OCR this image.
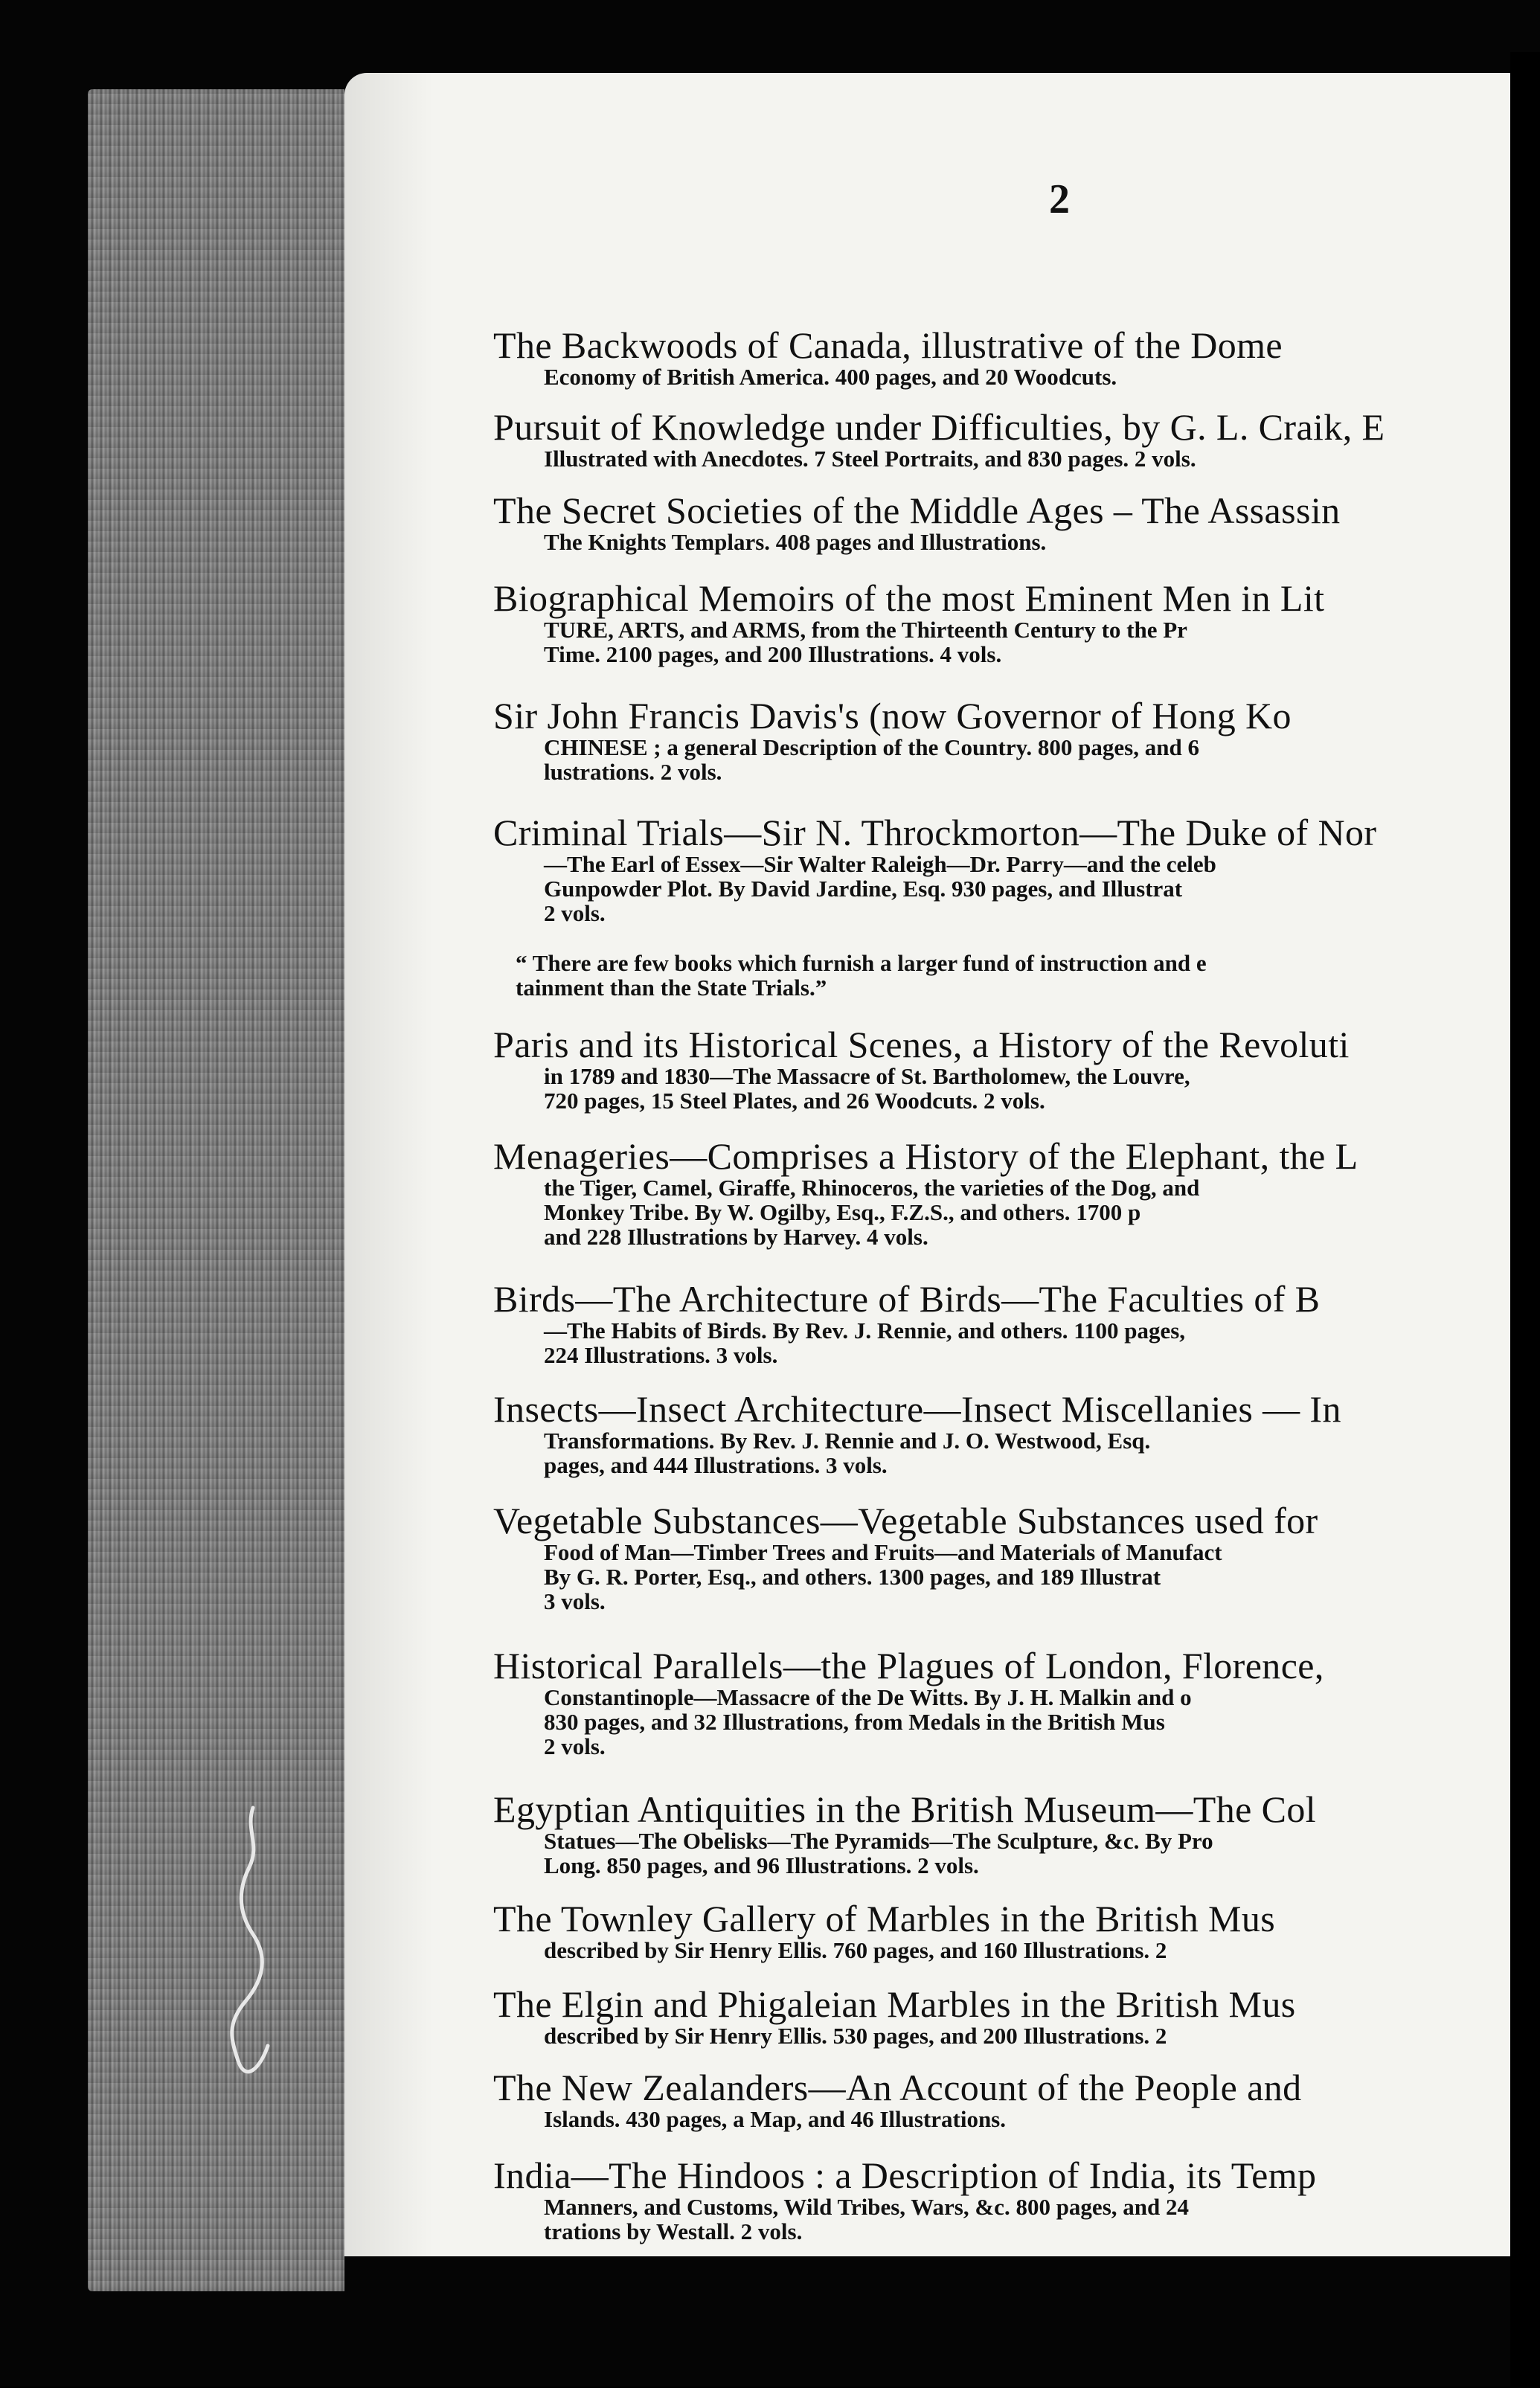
2
The Backwoods of Canada, illustrative of the Dome
Economy of British America. 400 pages, and 20 Woodcuts.
Pursuit of Knowledge under Difficulties, by G. L. Craik, E
Illustrated with Anecdotes. 7 Steel Portraits, and 830 pages. 2 vols.
The Secret Societies of the Middle Ages – The Assassin
The Knights Templars. 408 pages and Illustrations.
Biographical Memoirs of the most Eminent Men in Lit
TURE, ARTS, and ARMS, from the Thirteenth Century to the Pr
Time. 2100 pages, and 200 Illustrations. 4 vols.
Sir John Francis Davis's (now Governor of Hong Ko
CHINESE ; a general Description of the Country. 800 pages, and 6
lustrations. 2 vols.
Criminal Trials—Sir N. Throckmorton—The Duke of Nor
—The Earl of Essex—Sir Walter Raleigh—Dr. Parry—and the celeb
Gunpowder Plot. By David Jardine, Esq. 930 pages, and Illustrat
2 vols.
“ There are few books which furnish a larger fund of instruction and e
tainment than the State Trials.”
Paris and its Historical Scenes, a History of the Revoluti
in 1789 and 1830—The Massacre of St. Bartholomew, the Louvre,
720 pages, 15 Steel Plates, and 26 Woodcuts. 2 vols.
Menageries—Comprises a History of the Elephant, the L
the Tiger, Camel, Giraffe, Rhinoceros, the varieties of the Dog, and
Monkey Tribe. By W. Ogilby, Esq., F.Z.S., and others. 1700 p
and 228 Illustrations by Harvey. 4 vols.
Birds—The Architecture of Birds—The Faculties of B
—The Habits of Birds. By Rev. J. Rennie, and others. 1100 pages,
224 Illustrations. 3 vols.
Insects—Insect Architecture—Insect Miscellanies — In
Transformations. By Rev. J. Rennie and J. O. Westwood, Esq.
pages, and 444 Illustrations. 3 vols.
Vegetable Substances—Vegetable Substances used for
Food of Man—Timber Trees and Fruits—and Materials of Manufact
By G. R. Porter, Esq., and others. 1300 pages, and 189 Illustrat
3 vols.
Historical Parallels—the Plagues of London, Florence,
Constantinople—Massacre of the De Witts. By J. H. Malkin and o
830 pages, and 32 Illustrations, from Medals in the British Mus
2 vols.
Egyptian Antiquities in the British Museum—The Col
Statues—The Obelisks—The Pyramids—The Sculpture, &c. By Pro
Long. 850 pages, and 96 Illustrations. 2 vols.
The Townley Gallery of Marbles in the British Mus
described by Sir Henry Ellis. 760 pages, and 160 Illustrations. 2
The Elgin and Phigaleian Marbles in the British Mus
described by Sir Henry Ellis. 530 pages, and 200 Illustrations. 2
The New Zealanders—An Account of the People and
Islands. 430 pages, a Map, and 46 Illustrations.
India—The Hindoos : a Description of India, its Temp
Manners, and Customs, Wild Tribes, Wars, &c. 800 pages, and 24
trations by Westall. 2 vols.
